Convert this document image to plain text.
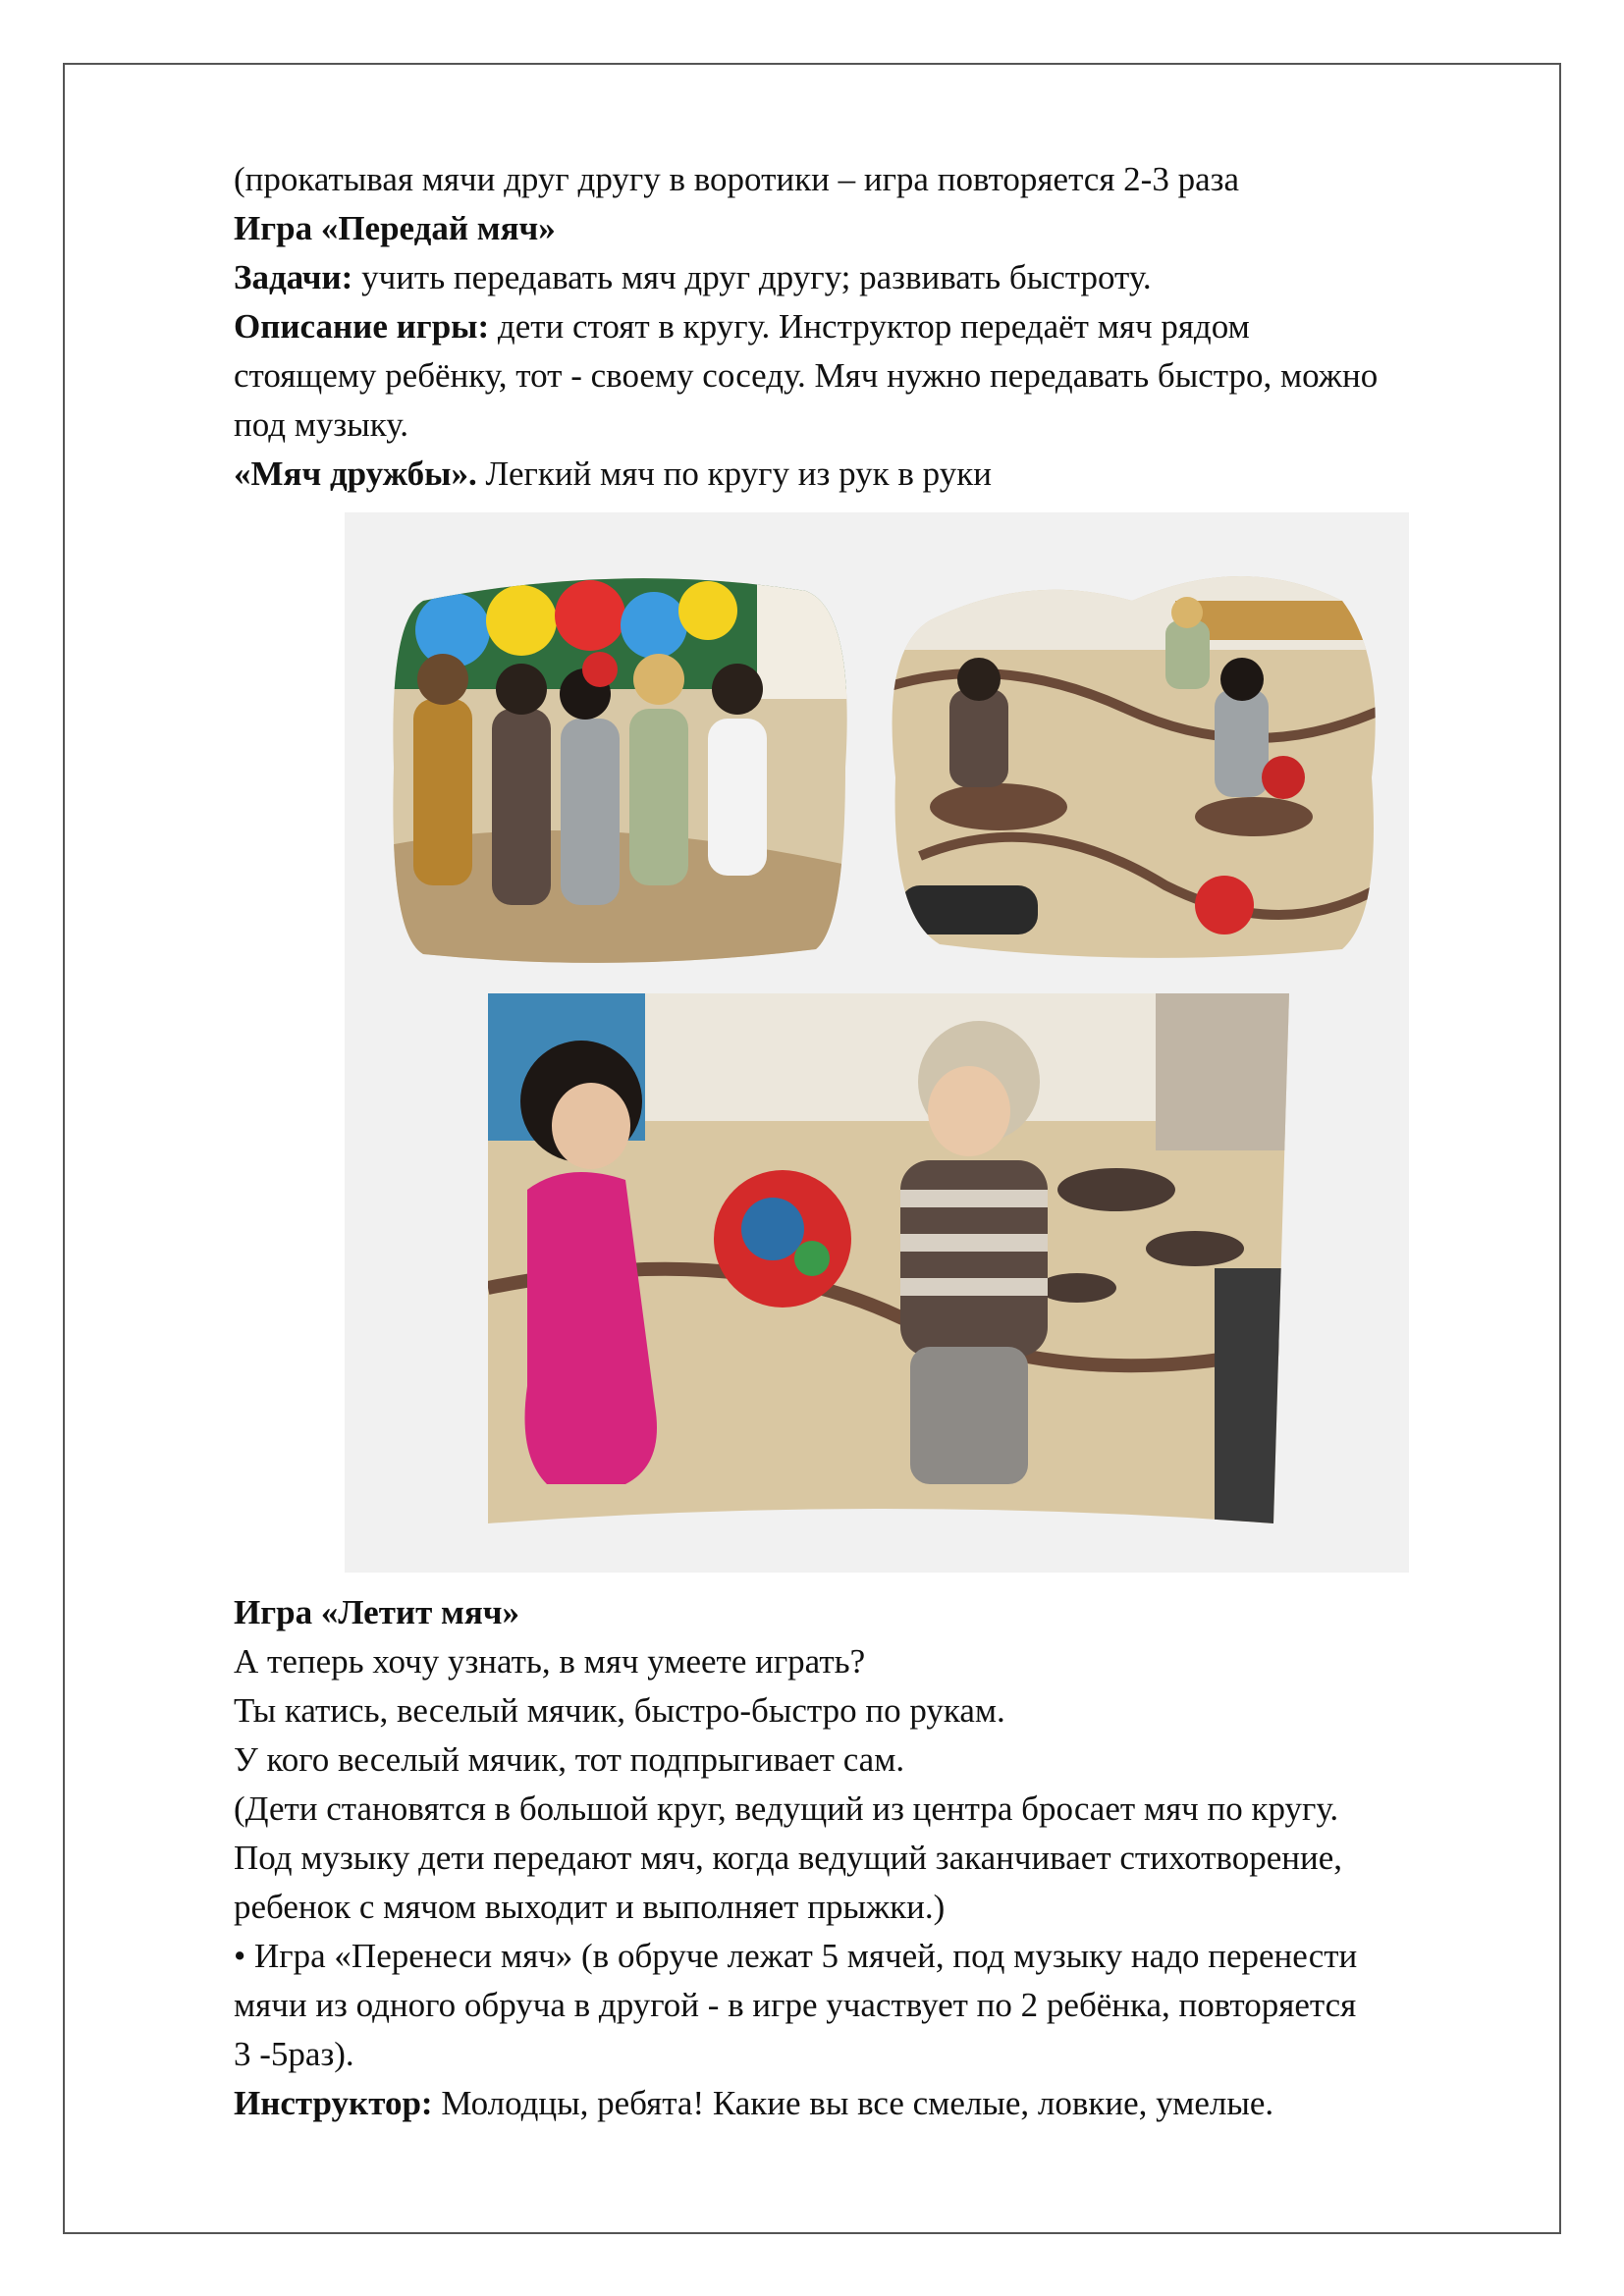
(прокатывая мячи друг другу в воротики – игра повторяется 2-3 раза

Игра «Передай мяч»

Задачи: учить передавать мяч друг другу; развивать быстроту.

Описание игры: дети стоят в кругу. Инструктор передаёт мяч рядом

стоящему ребёнку, тот - своему соседу. Мяч нужно передавать быстро, можно

под музыку.

«Мяч дружбы». Легкий мяч по кругу из рук в руки

Игра «Летит мяч»

А теперь хочу узнать, в мяч умеете играть?

Ты катись, веселый мячик, быстро-быстро по рукам.

У кого веселый мячик, тот подпрыгивает сам.

(Дети становятся в большой круг, ведущий из центра бросает мяч по кругу.

Под музыку дети передают мяч, когда ведущий заканчивает стихотворение,

ребенок с мячом выходит и выполняет прыжки.)

• Игра «Перенеси мяч» (в обруче лежат 5 мячей, под музыку надо перенести

мячи из одного обруча в другой - в игре участвует по 2 ребёнка, повторяется

3 -5раз).

Инструктор: Молодцы, ребята! Какие вы все смелые, ловкие, умелые.
